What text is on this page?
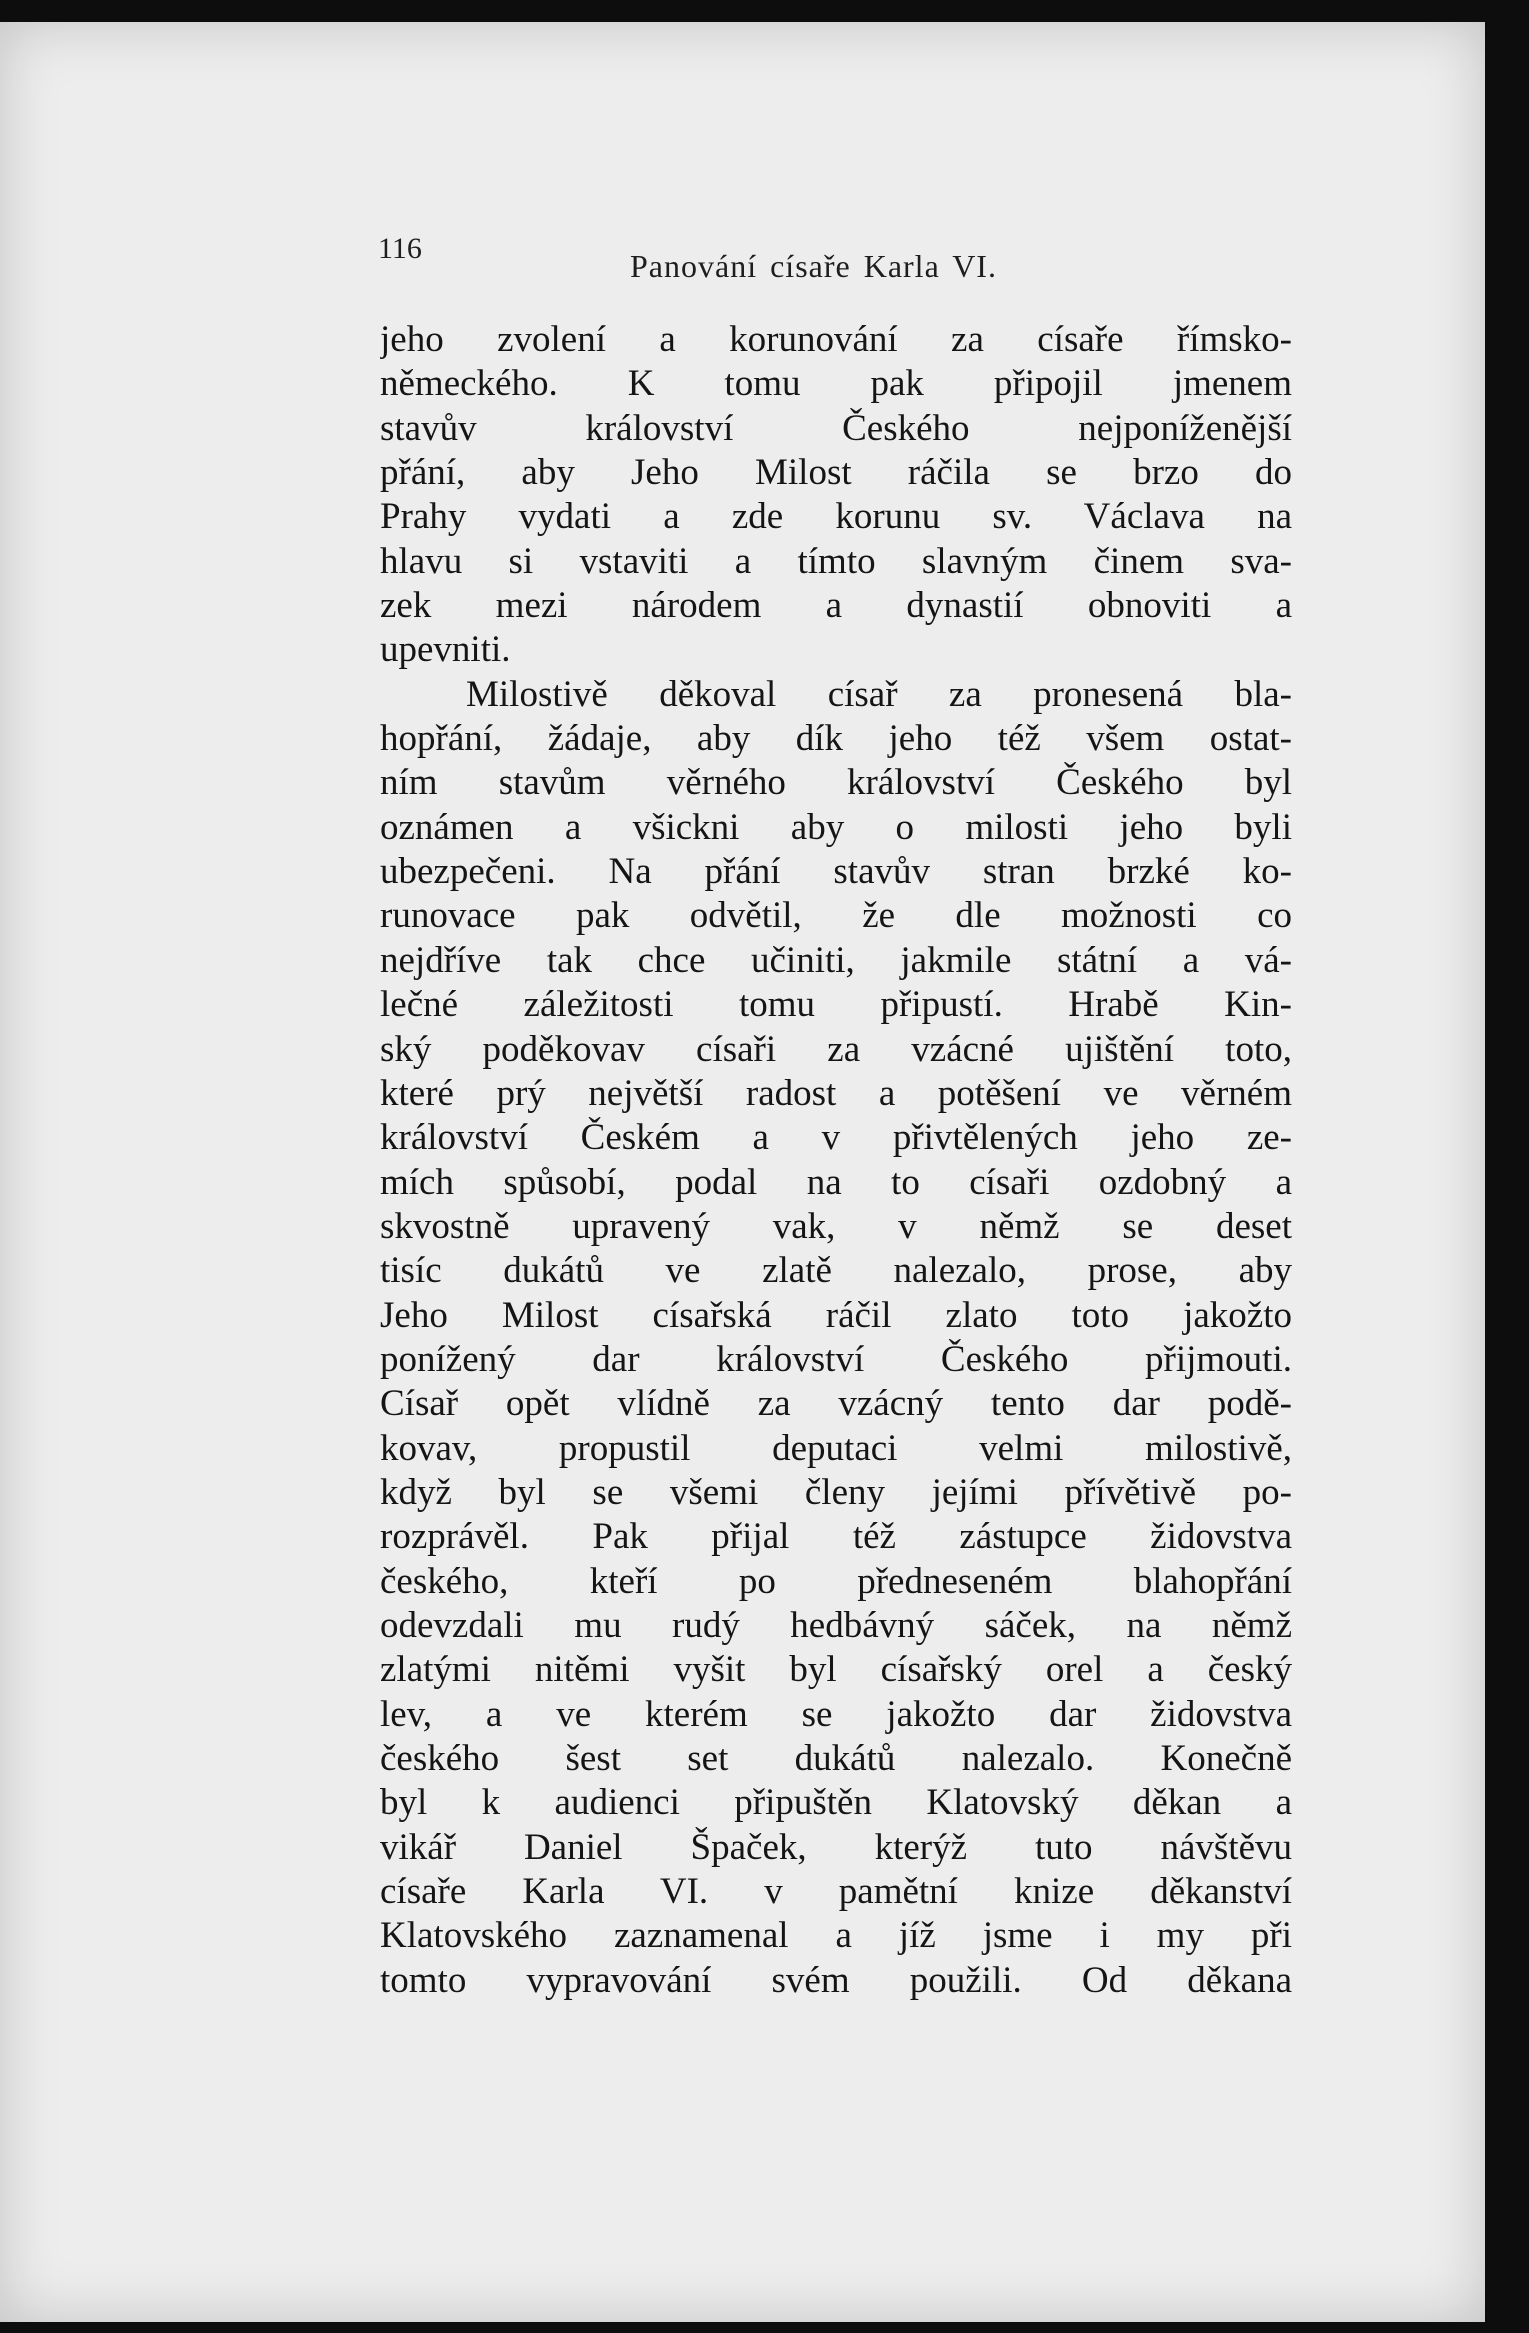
116	Panování císaře Karla VI.
jeho zvolení a korunování za císaře římsko-
německého. K tomu pak připojil jmenem
stavův království Českého nejponíženější
přání, aby Jeho Milost ráčila se brzo do
Prahy vydati a zde korunu sv. Václava na
hlavu si vstaviti a tímto slavným činem sva-
zek mezi národem a dynastií obnoviti a
upevniti.
Milostivě děkoval císař za pronesená bla-
hopřání, žádaje, aby dík jeho též všem ostat-
ním stavům věrného království Českého byl
oznámen a všickni aby o milosti jeho byli
ubezpečeni. Na přání stavův stran brzké ko-
runovace pak odvětil, že dle možnosti co
nejdříve tak chce učiniti, jakmile státní a vá-
lečné záležitosti tomu připustí. Hrabě Kin-
ský poděkovav císaři za vzácné ujištění toto,
které prý největší radost a potěšení ve věrném
království Českém a v přivtělených jeho ze-
mích spůsobí, podal na to císaři ozdobný a
skvostně upravený vak, v němž se deset
tisíc dukátů ve zlatě nalezalo, prose, aby
Jeho Milost císařská ráčil zlato toto jakožto
ponížený dar království Českého přijmouti.
Císař opět vlídně za vzácný tento dar podě-
kovav, propustil deputaci velmi milostivě,
když byl se všemi členy jejími přívětivě po-
rozprávěl. Pak přijal též zástupce židovstva
českého, kteří po předneseném blahopřání
odevzdali mu rudý hedbávný sáček, na němž
zlatými nitěmi vyšit byl císařský orel a český
lev, a ve kterém se jakožto dar židovstva
českého šest set dukátů nalezalo. Konečně
byl k audienci připuštěn Klatovský děkan a
vikář Daniel Špaček, kterýž tuto návštěvu
císaře Karla VI. v pamětní knize děkanství
Klatovského zaznamenal a jíž jsme i my při
tomto vypravování svém použili. Od děkana
